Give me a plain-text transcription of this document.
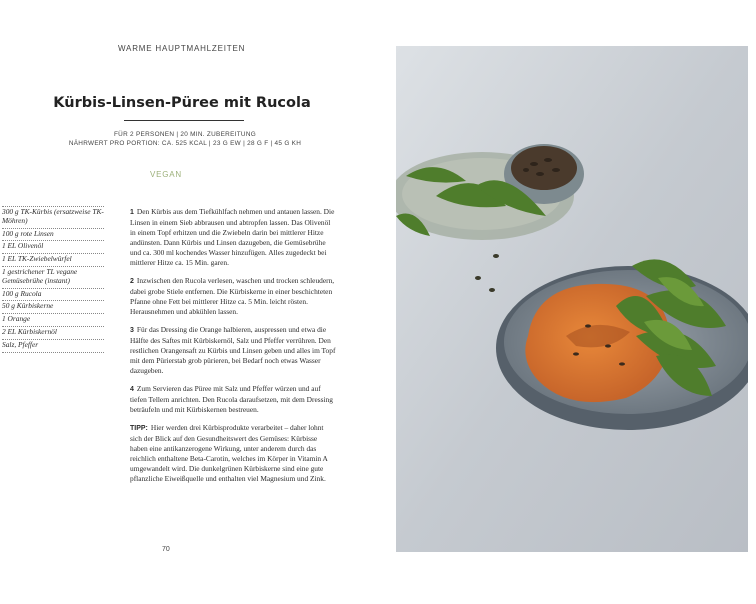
WARME HAUPTMAHLZEITEN
Kürbis-Linsen-Püree mit Rucola
FÜR 2 PERSONEN | 20 MIN. ZUBEREITUNG
NÄHRWERT PRO PORTION: CA. 525 KCAL | 23 G EW | 28 G F | 45 G KH
VEGAN
300 g TK-Kürbis (ersatzweise TK-Möhren)
100 g rote Linsen
1 EL Olivenöl
1 EL TK-Zwiebelwürfel
1 gestrichener TL vegane Gemüsebrühe (instant)
100 g Rucola
50 g Kürbiskerne
1 Orange
2 EL Kürbiskernöl
Salz, Pfeffer

1 Den Kürbis aus dem Tiefkühlfach nehmen und antauen lassen. Die Linsen in einem Sieb abbrausen und abtropfen lassen. Das Olivenöl in einem Topf erhitzen und die Zwiebeln darin bei mittlerer Hitze andünsten. Dann Kürbis und Linsen dazugeben, die Gemüsebrühe und ca. 300 ml kochendes Wasser hinzufügen. Alles zugedeckt bei mittlerer Hitze ca. 15 Min. garen.

2 Inzwischen den Rucola verlesen, waschen und trocken schleudern, dabei grobe Stiele entfernen. Die Kürbiskerne in einer beschichteten Pfanne ohne Fett bei mittlerer Hitze ca. 5 Min. leicht rösten. Herausnehmen und abkühlen lassen.

3 Für das Dressing die Orange halbieren, auspressen und etwa die Hälfte des Saftes mit Kürbiskernöl, Salz und Pfeffer verrühren. Den restlichen Orangensaft zu Kürbis und Linsen geben und alles im Topf mit dem Pürierstab grob pürieren, bei Bedarf noch etwas Wasser dazugeben.

4 Zum Servieren das Püree mit Salz und Pfeffer würzen und auf tiefen Tellern anrichten. Den Rucola daraufsetzen, mit dem Dressing beträufeln und mit Kürbiskernen bestreuen.

TIPP: Hier werden drei Kürbisprodukte verarbeitet – daher lohnt sich der Blick auf den Gesundheitswert des Gemüses: Kürbisse haben eine antikanzerogene Wirkung, unter anderem durch das reichlich enthaltene Beta-Carotin, welches im Körper in Vitamin A umgewandelt wird. Die dunkelgrünen Kürbiskerne sind eine gute pflanzliche Eiweißquelle und enthalten viel Magnesium und Zink.

70
